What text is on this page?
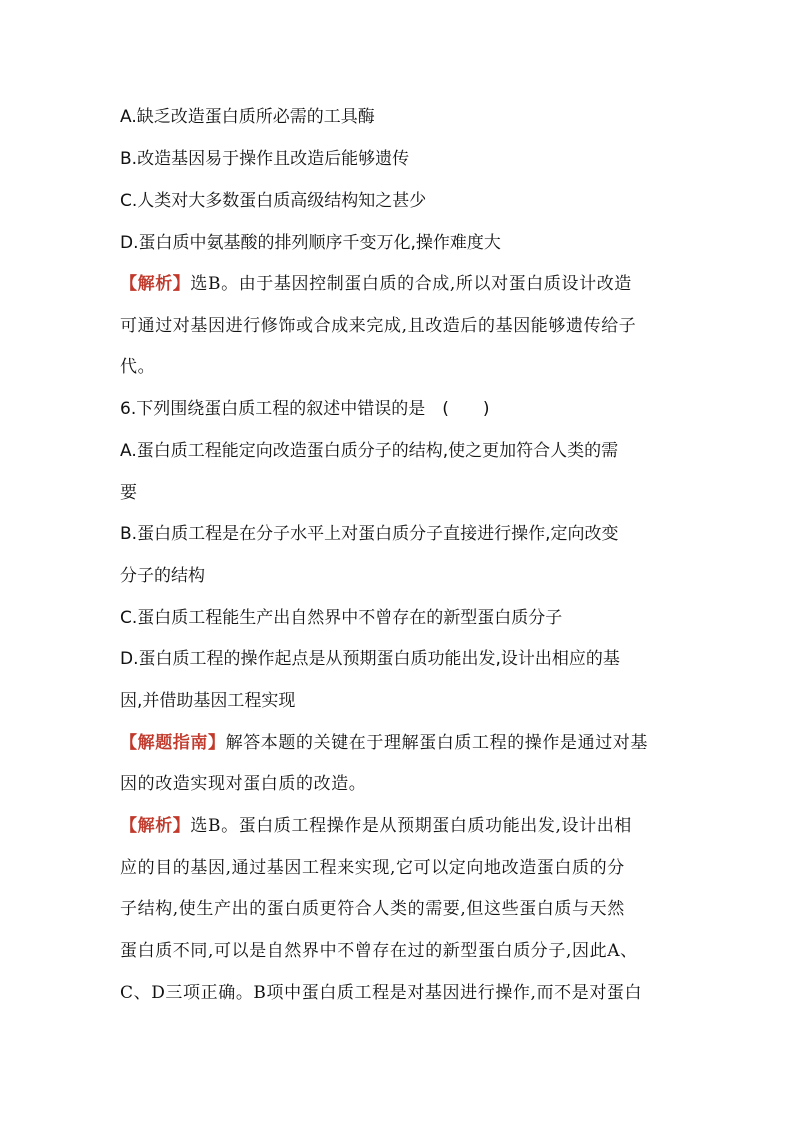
A.缺乏改造蛋白质所必需的工具酶
B.改造基因易于操作且改造后能够遗传
C.人类对大多数蛋白质高级结构知之甚少
D.蛋白质中氨基酸的排列顺序千变万化,操作难度大
【解析】选B。由于基因控制蛋白质的合成,所以对蛋白质设计改造
可通过对基因进行修饰或合成来完成,且改造后的基因能够遗传给子
代。
6.下列围绕蛋白质工程的叙述中错误的是　(　　)
A.蛋白质工程能定向改造蛋白质分子的结构,使之更加符合人类的需
要
B.蛋白质工程是在分子水平上对蛋白质分子直接进行操作,定向改变
分子的结构
C.蛋白质工程能生产出自然界中不曾存在的新型蛋白质分子
D.蛋白质工程的操作起点是从预期蛋白质功能出发,设计出相应的基
因,并借助基因工程实现
【解题指南】解答本题的关键在于理解蛋白质工程的操作是通过对基
因的改造实现对蛋白质的改造。
【解析】选B。蛋白质工程操作是从预期蛋白质功能出发,设计出相
应的目的基因,通过基因工程来实现,它可以定向地改造蛋白质的分
子结构,使生产出的蛋白质更符合人类的需要,但这些蛋白质与天然
蛋白质不同,可以是自然界中不曾存在过的新型蛋白质分子,因此A、
C、D三项正确。B项中蛋白质工程是对基因进行操作,而不是对蛋白
